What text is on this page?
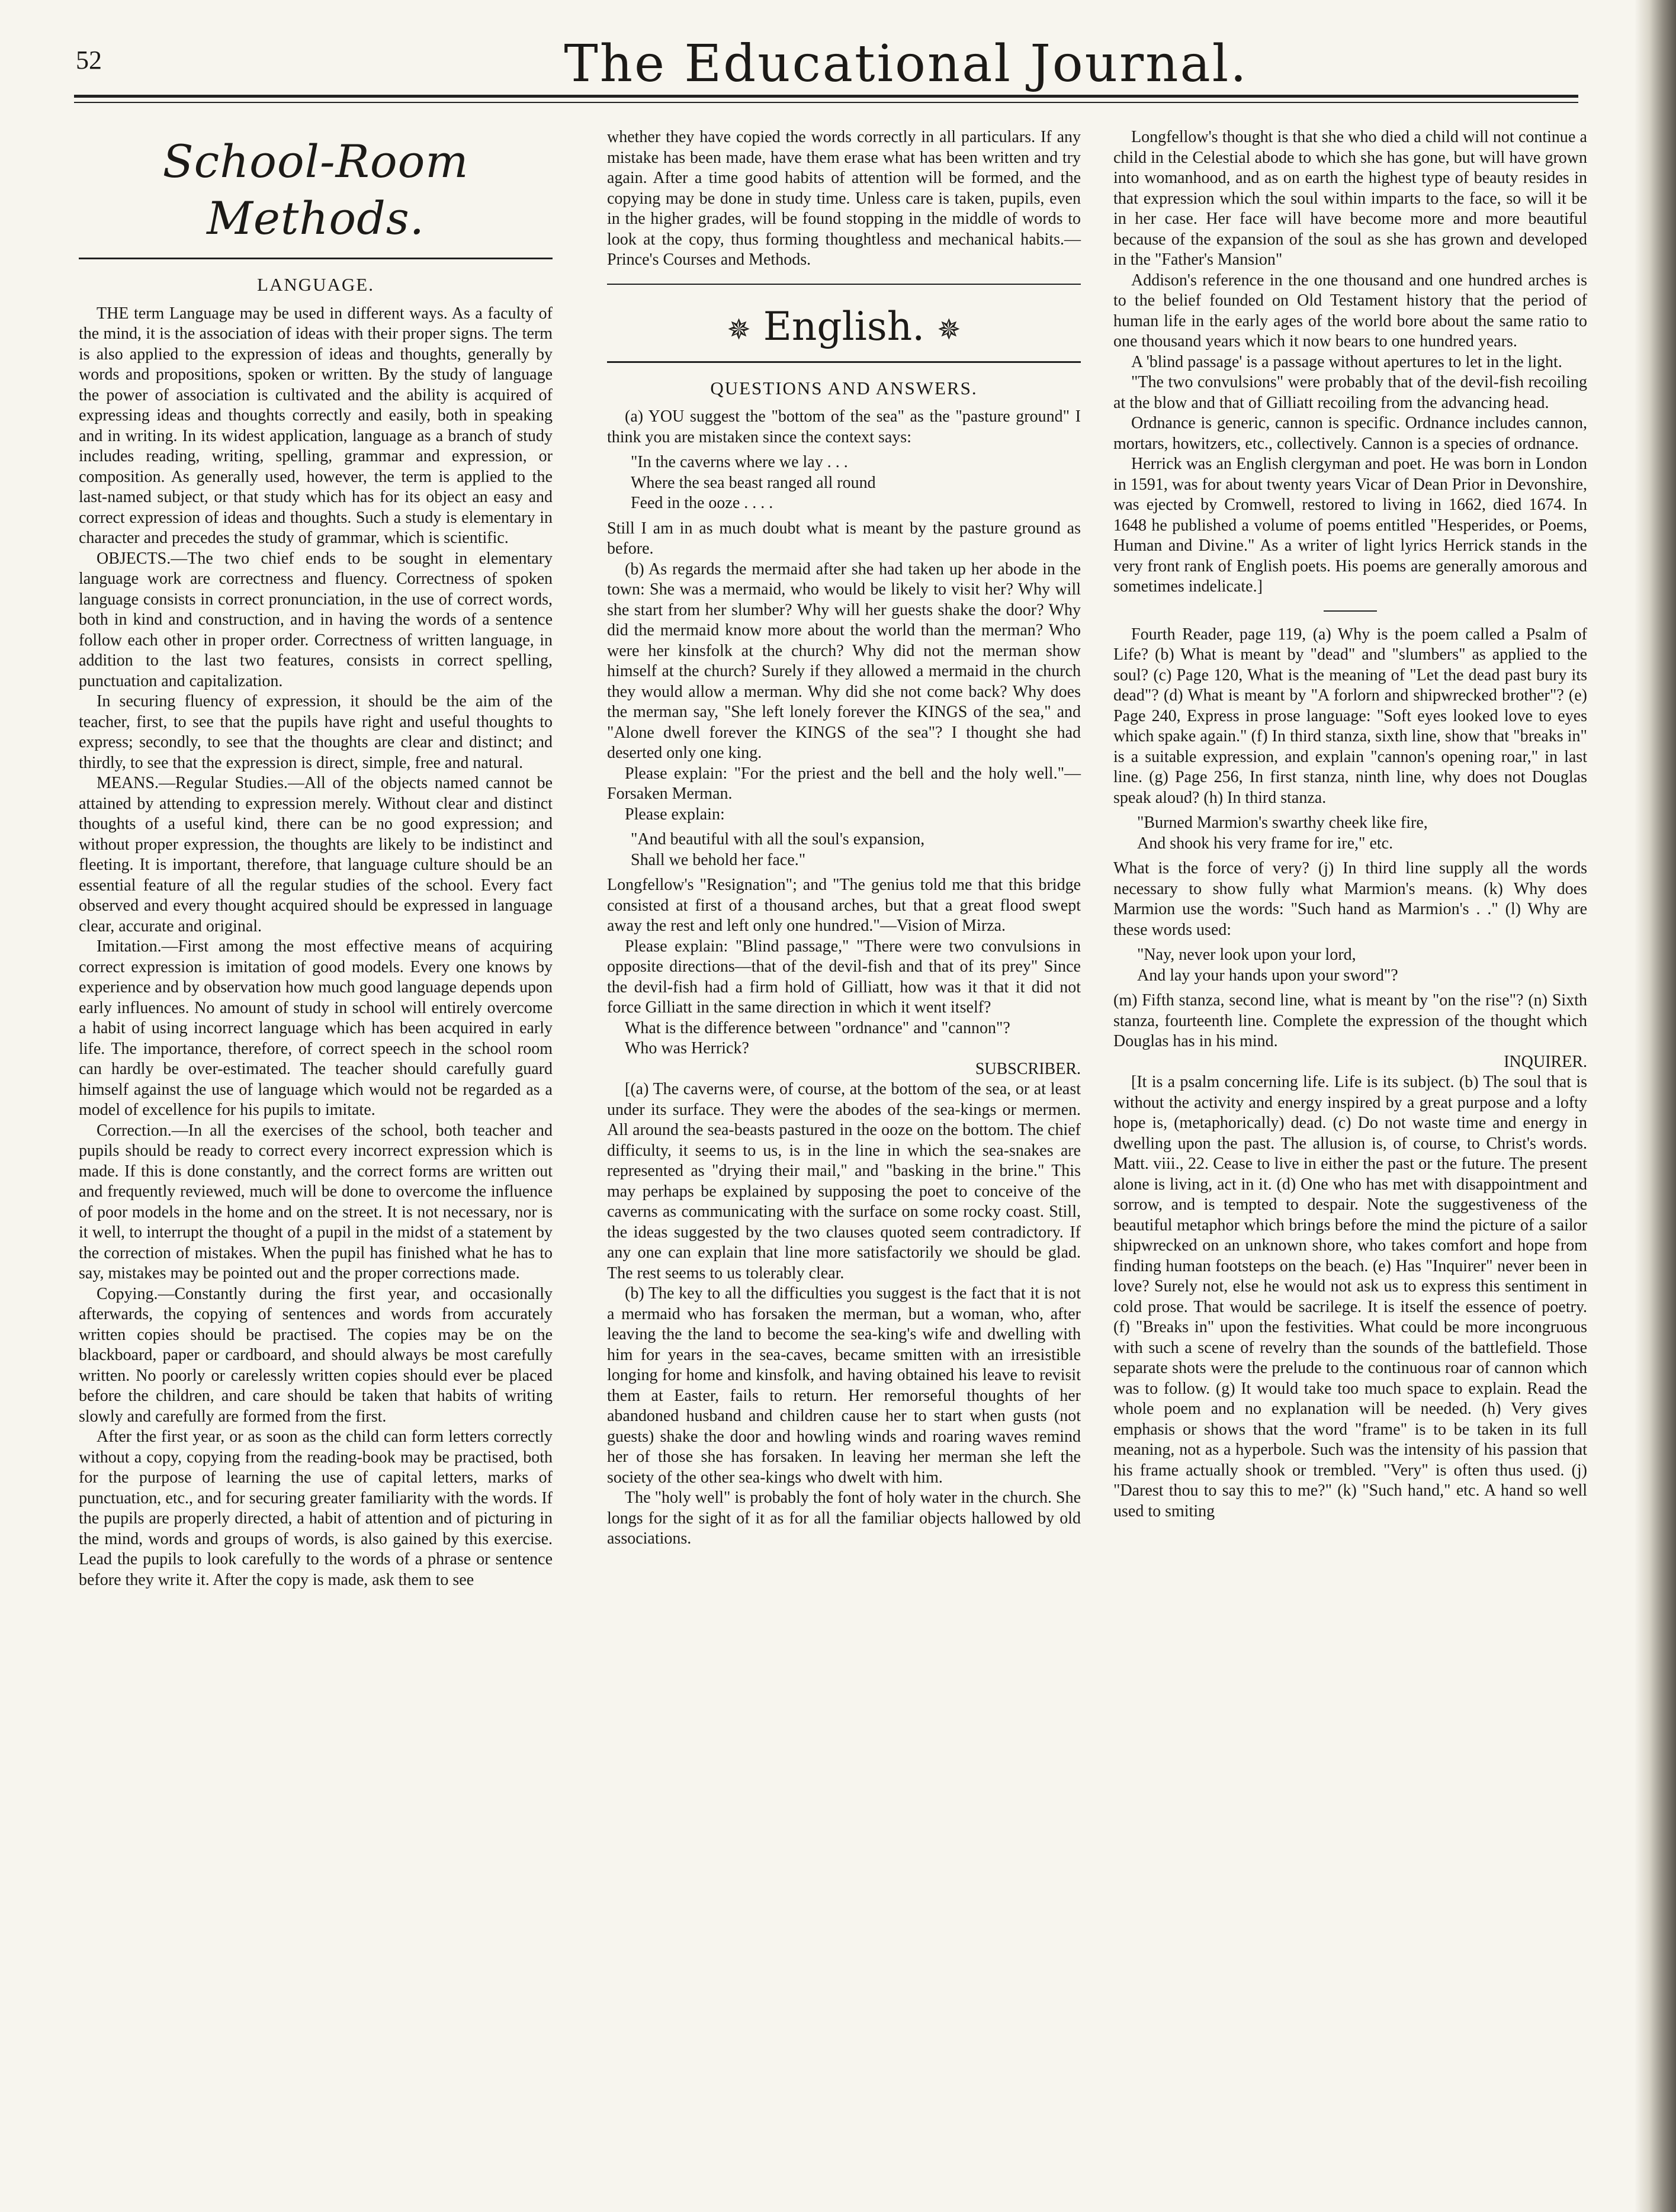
52	The Educational Journal.
School-Room Methods.
LANGUAGE.

THE term Language may be used in different ways. As a faculty of the mind, it is the association of ideas with their proper signs. The term is also applied to the expression of ideas and thoughts, generally by words and propositions, spoken or written. By the study of language the power of association is cultivated and the ability is acquired of expressing ideas and thoughts correctly and easily, both in speaking and in writing. In its widest application, language as a branch of study includes reading, writing, spelling, grammar and expression, or composition. As generally used, however, the term is applied to the last-named subject, or that study which has for its object an easy and correct expression of ideas and thoughts. Such a study is elementary in character and precedes the study of grammar, which is scientific.

OBJECTS.—The two chief ends to be sought in elementary language work are correctness and fluency. Correctness of spoken language consists in correct pronunciation, in the use of correct words, both in kind and construction, and in having the words of a sentence follow each other in proper order. Correctness of written language, in addition to the last two features, consists in correct spelling, punctuation and capitalization.

In securing fluency of expression, it should be the aim of the teacher, first, to see that the pupils have right and useful thoughts to express; secondly, to see that the thoughts are clear and distinct; and thirdly, to see that the expression is direct, simple, free and natural.

MEANS.—Regular Studies.—All of the objects named cannot be attained by attending to expression merely. Without clear and distinct thoughts of a useful kind, there can be no good expression; and without proper expression, the thoughts are likely to be indistinct and fleeting. It is important, therefore, that language culture should be an essential feature of all the regular studies of the school. Every fact observed and every thought acquired should be expressed in language clear, accurate and original.

Imitation.—First among the most effective means of acquiring correct expression is imitation of good models. Every one knows by experience and by observation how much good language depends upon early influences. No amount of study in school will entirely overcome a habit of using incorrect language which has been acquired in early life. The importance, therefore, of correct speech in the school room can hardly be over-estimated. The teacher should carefully guard himself against the use of language which would not be regarded as a model of excellence for his pupils to imitate.

Correction.—In all the exercises of the school, both teacher and pupils should be ready to correct every incorrect expression which is made. If this is done constantly, and the correct forms are written out and frequently reviewed, much will be done to overcome the influence of poor models in the home and on the street. It is not necessary, nor is it well, to interrupt the thought of a pupil in the midst of a statement by the correction of mistakes. When the pupil has finished what he has to say, mistakes may be pointed out and the proper corrections made.

Copying.—Constantly during the first year, and occasionally afterwards, the copying of sentences and words from accurately written copies should be practised. The copies may be on the blackboard, paper or cardboard, and should always be most carefully written. No poorly or carelessly written copies should ever be placed before the children, and care should be taken that habits of writing slowly and carefully are formed from the first.

After the first year, or as soon as the child can form letters correctly without a copy, copying from the reading-book may be practised, both for the purpose of learning the use of capital letters, marks of punctuation, etc., and for securing greater familiarity with the words. If the pupils are properly directed, a habit of attention and of picturing in the mind, words and groups of words, is also gained by this exercise. Lead the pupils to look carefully to the words of a phrase or sentence before they write it. After the copy is made, ask them to see

whether they have copied the words correctly in all particulars. If any mistake has been made, have them erase what has been written and try again. After a time good habits of attention will be formed, and the copying may be done in study time. Unless care is taken, pupils, even in the higher grades, will be found stopping in the middle of words to look at the copy, thus forming thoughtless and mechanical habits.—Prince's Courses and Methods.

✵ English. ✵
QUESTIONS AND ANSWERS.

(a) YOU suggest the "bottom of the sea" as the "pasture ground" I think you are mistaken since the context says:

"In the caverns where we lay . . .
Where the sea beast ranged all round
Feed in the ooze . . . .

Still I am in as much doubt what is meant by the pasture ground as before.

(b) As regards the mermaid after she had taken up her abode in the town: She was a mermaid, who would be likely to visit her? Why will she start from her slumber? Why will her guests shake the door? Why did the mermaid know more about the world than the merman? Who were her kinsfolk at the church? Why did not the merman show himself at the church? Surely if they allowed a mermaid in the church they would allow a merman. Why did she not come back? Why does the merman say, "She left lonely forever the KINGS of the sea," and "Alone dwell forever the KINGS of the sea"? I thought she had deserted only one king.

Please explain: "For the priest and the bell and the holy well."—Forsaken Merman.

Please explain:

"And beautiful with all the soul's expansion,
Shall we behold her face."

Longfellow's "Resignation"; and "The genius told me that this bridge consisted at first of a thousand arches, but that a great flood swept away the rest and left only one hundred."—Vision of Mirza.

Please explain: "Blind passage," "There were two convulsions in opposite directions—that of the devil-fish and that of its prey" Since the devil-fish had a firm hold of Gilliatt, how was it that it did not force Gilliatt in the same direction in which it went itself?

What is the difference between "ordnance" and "cannon"?

Who was Herrick?

SUBSCRIBER.

[(a) The caverns were, of course, at the bottom of the sea, or at least under its surface. They were the abodes of the sea-kings or mermen. All around the sea-beasts pastured in the ooze on the bottom. The chief difficulty, it seems to us, is in the line in which the sea-snakes are represented as "drying their mail," and "basking in the brine." This may perhaps be explained by supposing the poet to conceive of the caverns as communicating with the surface on some rocky coast. Still, the ideas suggested by the two clauses quoted seem contradictory. If any one can explain that line more satisfactorily we should be glad. The rest seems to us tolerably clear.

(b) The key to all the difficulties you suggest is the fact that it is not a mermaid who has forsaken the merman, but a woman, who, after leaving the the land to become the sea-king's wife and dwelling with him for years in the sea-caves, became smitten with an irresistible longing for home and kinsfolk, and having obtained his leave to revisit them at Easter, fails to return. Her remorseful thoughts of her abandoned husband and children cause her to start when gusts (not guests) shake the door and howling winds and roaring waves remind her of those she has forsaken. In leaving her merman she left the society of the other sea-kings who dwelt with him.

The "holy well" is probably the font of holy water in the church. She longs for the sight of it as for all the familiar objects hallowed by old associations.

Longfellow's thought is that she who died a child will not continue a child in the Celestial abode to which she has gone, but will have grown into womanhood, and as on earth the highest type of beauty resides in that expression which the soul within imparts to the face, so will it be in her case. Her face will have become more and more beautiful because of the expansion of the soul as she has grown and developed in the "Father's Mansion"

Addison's reference in the one thousand and one hundred arches is to the belief founded on Old Testament history that the period of human life in the early ages of the world bore about the same ratio to one thousand years which it now bears to one hundred years.

A 'blind passage' is a passage without apertures to let in the light.

"The two convulsions" were probably that of the devil-fish recoiling at the blow and that of Gilliatt recoiling from the advancing head.

Ordnance is generic, cannon is specific. Ordnance includes cannon, mortars, howitzers, etc., collectively. Cannon is a species of ordnance.

Herrick was an English clergyman and poet. He was born in London in 1591, was for about twenty years Vicar of Dean Prior in Devonshire, was ejected by Cromwell, restored to living in 1662, died 1674. In 1648 he published a volume of poems entitled "Hesperides, or Poems, Human and Divine." As a writer of light lyrics Herrick stands in the very front rank of English poets. His poems are generally amorous and sometimes indelicate.]

Fourth Reader, page 119, (a) Why is the poem called a Psalm of Life? (b) What is meant by "dead" and "slumbers" as applied to the soul? (c) Page 120, What is the meaning of "Let the dead past bury its dead"? (d) What is meant by "A forlorn and shipwrecked brother"? (e) Page 240, Express in prose language: "Soft eyes looked love to eyes which spake again." (f) In third stanza, sixth line, show that "breaks in" is a suitable expression, and explain "cannon's opening roar," in last line. (g) Page 256, In first stanza, ninth line, why does not Douglas speak aloud? (h) In third stanza.

"Burned Marmion's swarthy cheek like fire,
And shook his very frame for ire," etc.

What is the force of very? (j) In third line supply all the words necessary to show fully what Marmion's means. (k) Why does Marmion use the words: "Such hand as Marmion's . ." (l) Why are these words used:

"Nay, never look upon your lord,
And lay your hands upon your sword"?

(m) Fifth stanza, second line, what is meant by "on the rise"? (n) Sixth stanza, fourteenth line. Complete the expression of the thought which Douglas has in his mind.

INQUIRER.

[It is a psalm concerning life. Life is its subject. (b) The soul that is without the activity and energy inspired by a great purpose and a lofty hope is, (metaphorically) dead. (c) Do not waste time and energy in dwelling upon the past. The allusion is, of course, to Christ's words. Matt. viii., 22. Cease to live in either the past or the future. The present alone is living, act in it. (d) One who has met with disappointment and sorrow, and is tempted to despair. Note the suggestiveness of the beautiful metaphor which brings before the mind the picture of a sailor shipwrecked on an unknown shore, who takes comfort and hope from finding human footsteps on the beach. (e) Has "Inquirer" never been in love? Surely not, else he would not ask us to express this sentiment in cold prose. That would be sacrilege. It is itself the essence of poetry. (f) "Breaks in" upon the festivities. What could be more incongruous with such a scene of revelry than the sounds of the battlefield. Those separate shots were the prelude to the continuous roar of cannon which was to follow. (g) It would take too much space to explain. Read the whole poem and no explanation will be needed. (h) Very gives emphasis or shows that the word "frame" is to be taken in its full meaning, not as a hyperbole. Such was the intensity of his passion that his frame actually shook or trembled. "Very" is often thus used. (j) "Darest thou to say this to me?" (k) "Such hand," etc. A hand so well used to smiting
